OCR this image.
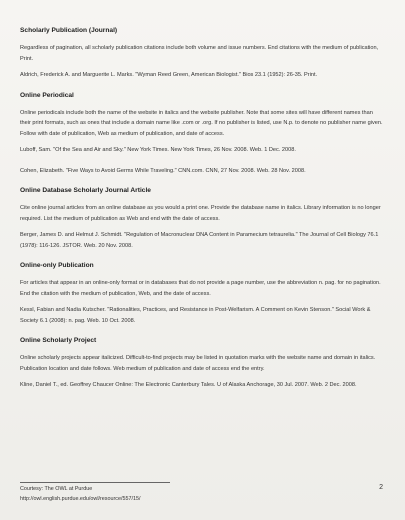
Scholarly Publication (Journal)

Regardless of pagination, all scholarly publication citations include both volume and issue numbers. End citations with the medium of publication, Print.

Aldrich, Frederick A. and Marguerite L. Marks. "Wyman Reed Green, American Biologist." Bios 23.1 (1952): 26-35. Print.

Online Periodical

Online periodicals include both the name of the website in italics and the website publisher. Note that some sites will have different names than their print formats, such as ones that include a domain name like .com or .org. If no publisher is listed, use N.p. to denote no publisher name given. Follow with date of publication, Web as medium of publication, and date of access.

Luboff, Sam. "Of the Sea and Air and Sky." New York Times. New York Times, 26 Nov. 2008. Web. 1 Dec. 2008.

Cohen, Elizabeth. "Five Ways to Avoid Germs While Traveling." CNN.com. CNN, 27 Nov. 2008. Web. 28 Nov. 2008.

Online Database Scholarly Journal Article

Cite online journal articles from an online database as you would a print one. Provide the database name in italics. Library information is no longer required. List the medium of publication as Web and end with the date of access.

Berger, James D. and Helmut J. Schmidt. "Regulation of Macronuclear DNA Content in Paramecium tetraurelia." The Journal of Cell Biology 76.1 (1978): 116-126. JSTOR. Web. 20 Nov. 2008.

Online-only Publication

For articles that appear in an online-only format or in databases that do not provide a page number, use the abbreviation n. pag. for no pagination. End the citation with the medium of publication, Web, and the date of access.

Kessl, Fabian and Nadia Kutscher. "Rationalities, Practices, and Resistance in Post-Welfarism. A Comment on Kevin Stenson." Social Work & Society 6.1 (2008): n. pag. Web. 10 Oct. 2008.

Online Scholarly Project

Online scholarly projects appear italicized. Difficult-to-find projects may be listed in quotation marks with the website name and domain in italics. Publication location and date follows. Web medium of publication and date of access end the entry.

Kline, Daniel T., ed. Geoffrey Chaucer Online: The Electronic Canterbury Tales. U of Alaska Anchorage, 30 Jul. 2007. Web. 2 Dec. 2008.

Courtesy: The OWL at Purdue
http://owl.english.purdue.edu/owl/resource/557/15/
2
